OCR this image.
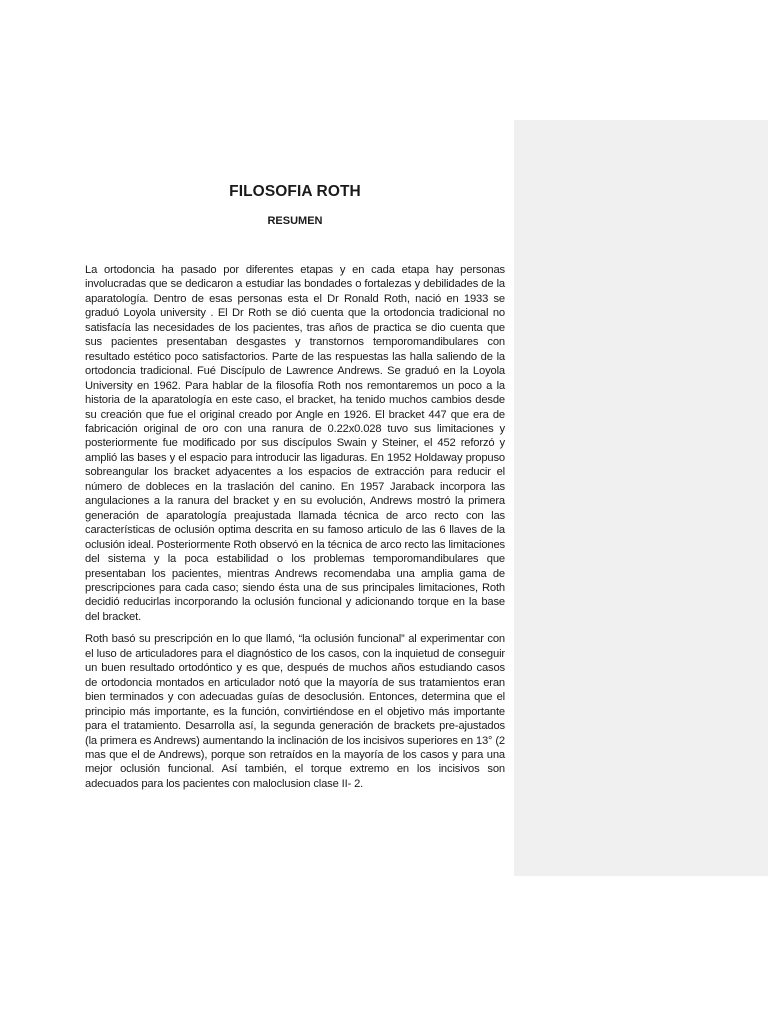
FILOSOFIA ROTH
RESUMEN

La ortodoncia ha pasado por diferentes etapas y en cada etapa hay personas involucradas que se dedicaron a estudiar las bondades o fortalezas y debilidades de la aparatología. Dentro de esas personas esta el Dr Ronald Roth, nació en 1933 se graduó Loyola university . El Dr Roth se dió cuenta que la ortodoncia tradicional no satisfacía las necesidades de los pacientes, tras años de practica se dio cuenta que sus pacientes presentaban desgastes y transtornos temporomandibulares con resultado estético poco satisfactorios. Parte de las respuestas las halla saliendo de la ortodoncia tradicional. Fué Discípulo de Lawrence Andrews. Se graduó en la Loyola University en 1962. Para hablar de la filosofía Roth nos remontaremos un poco a la historia de la aparatología en este caso, el bracket, ha tenido muchos cambios desde su creación que fue el original creado por Angle en 1926. El bracket 447 que era de fabricación original de oro con una ranura de 0.22x0.028 tuvo sus limitaciones y posteriormente fue modificado por sus discípulos Swain y Steiner, el 452 reforzó y amplió las bases y el espacio para introducir las ligaduras. En 1952 Holdaway propuso sobreangular los bracket adyacentes a los espacios de extracción para reducir el número de dobleces en la traslación del canino. En 1957 Jaraback incorpora las angulaciones a la ranura del bracket y en su evolución, Andrews mostró la primera generación de aparatología preajustada llamada técnica de arco recto con las características de oclusión optima descrita en su famoso articulo de las 6 llaves de la oclusión ideal. Posteriormente Roth observó en la técnica de arco recto las limitaciones del sistema y la poca estabilidad o los problemas temporomandibulares que presentaban los pacientes, mientras Andrews recomendaba una amplia gama de prescripciones para cada caso; siendo ésta una de sus principales limitaciones, Roth decidió reducirlas incorporando la oclusión funcional y adicionando torque en la base del bracket.

Roth basó su prescripción en lo que llamó, “la oclusión funcional” al experimentar con el luso de articuladores para el diagnóstico de los casos, con la inquietud de conseguir un buen resultado ortodóntico y es que, después de muchos años estudiando casos de ortodoncia montados en articulador notó que la mayoría de sus tratamientos eran bien terminados y con adecuadas guías de desoclusión. Entonces, determina que el principio más importante, es la función, convirtiéndose en el objetivo más importante para el tratamiento. Desarrolla así, la segunda generación de brackets pre-ajustados (la primera es Andrews) aumentando la inclinación de los incisivos superiores en 13° (2 mas que el de Andrews), porque son retraídos en la mayoría de los casos y para una mejor oclusión funcional. Así también, el torque extremo en los incisivos son adecuados para los pacientes con maloclusion clase II- 2.
